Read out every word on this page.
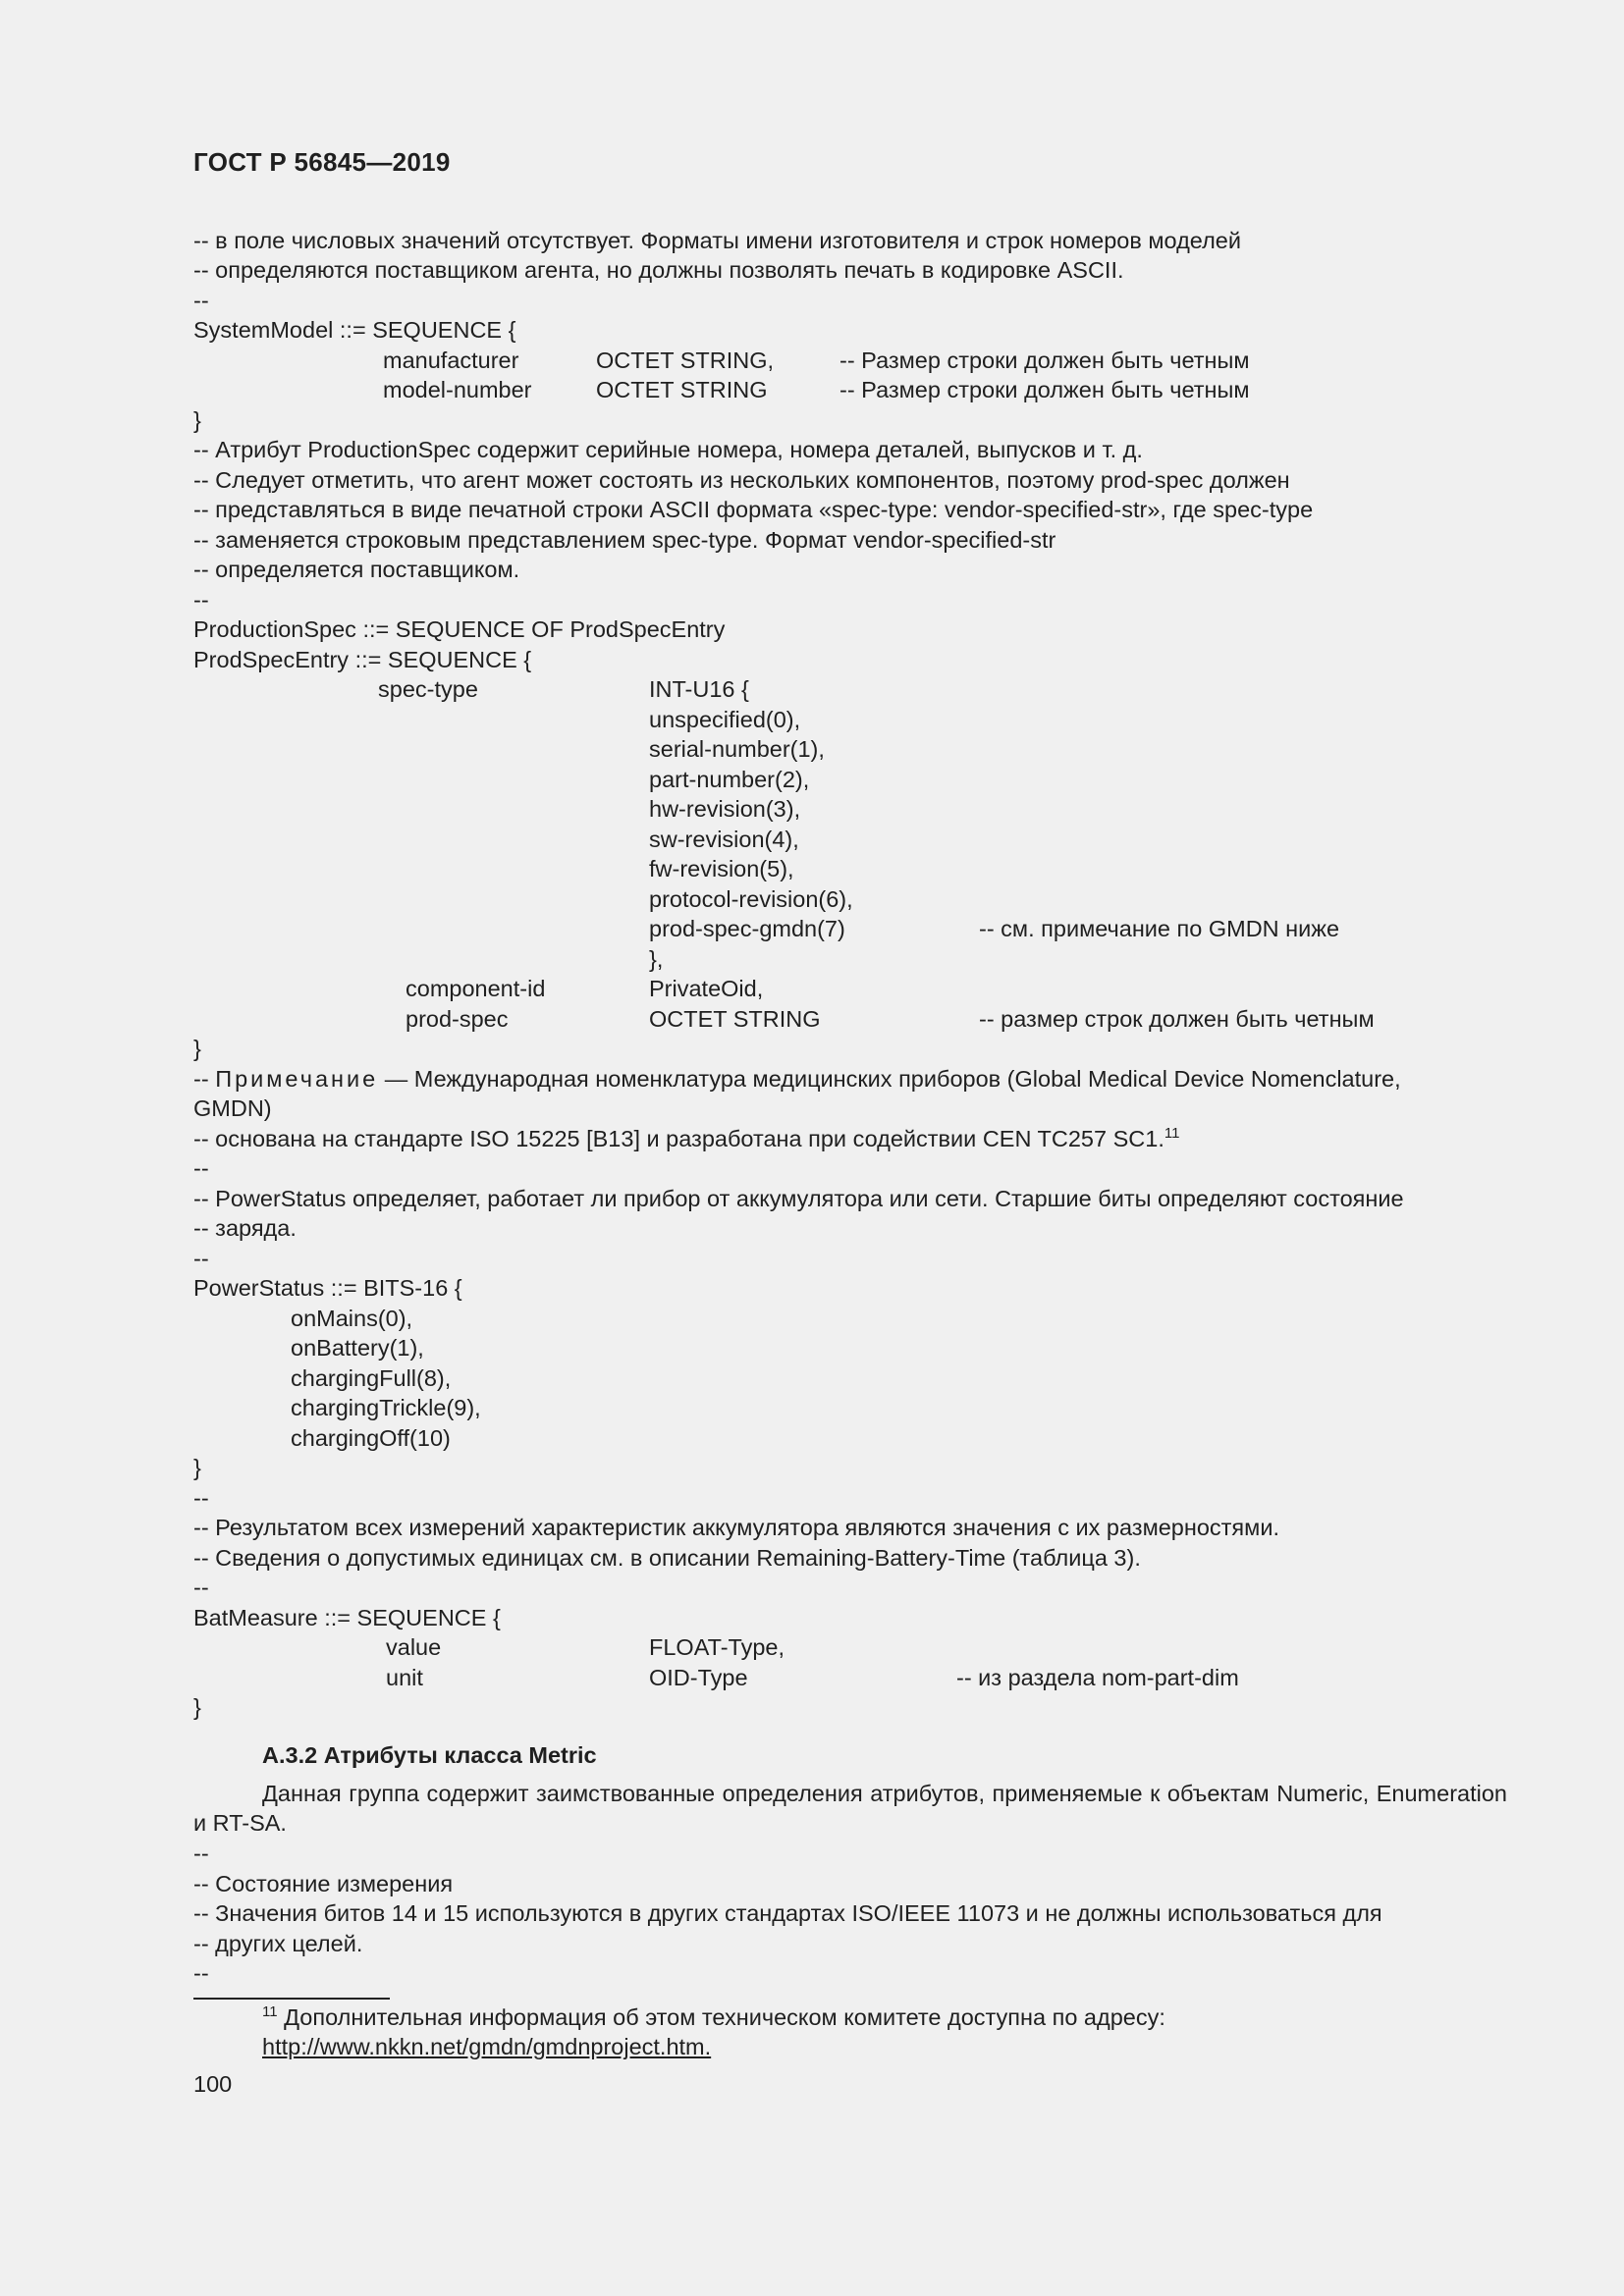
ГОСТ Р 56845—2019
-- в поле числовых значений отсутствует. Форматы имени изготовителя и строк номеров моделей
-- определяются поставщиком агента, но должны позволять печать в кодировке ASCII.
--
SystemModel ::= SEQUENCE {
manufacturer	OCTET STRING,	-- Размер строки должен быть четным
model-number	OCTET STRING	-- Размер строки должен быть четным
}
-- Атрибут ProductionSpec содержит серийные номера, номера деталей, выпусков и т. д.
-- Следует отметить, что агент может состоять из нескольких компонентов, поэтому prod-spec должен
-- представляться в виде печатной строки ASCII формата «spec-type: vendor-specified-str», где spec-type
-- заменяется строковым представлением spec-type. Формат vendor-specified-str
-- определяется поставщиком.
--
ProductionSpec ::= SEQUENCE OF ProdSpecEntry
ProdSpecEntry ::= SEQUENCE {
spec-type	INT-U16 {
unspecified(0),
serial-number(1),
part-number(2),
hw-revision(3),
sw-revision(4),
fw-revision(5),
protocol-revision(6),
prod-spec-gmdn(7)	-- см. примечание по GMDN ниже
},
component-id	PrivateOid,
prod-spec	OCTET STRING	-- размер строк должен быть четным
}
-- Примечание — Международная номенклатура медицинских приборов (Global Medical Device Nomenclature,
GMDN)
-- основана на стандарте ISO 15225 [B13] и разработана при содействии CEN TC257 SC1.11
--
-- PowerStatus определяет, работает ли прибор от аккумулятора или сети. Старшие биты определяют состояние
-- заряда.
--
PowerStatus ::= BITS-16 {
onMains(0),
onBattery(1),
chargingFull(8),
chargingTrickle(9),
chargingOff(10)
}
--
-- Результатом всех измерений характеристик аккумулятора являются значения с их размерностями.
-- Сведения о допустимых единицах см. в описании Remaining-Battery-Time (таблица 3).
--
BatMeasure ::= SEQUENCE {
value	FLOAT-Type,
unit	OID-Type	-- из раздела nom-part-dim
}
А.3.2 Атрибуты класса Metric
Данная группа содержит заимствованные определения атрибутов, применяемые к объектам Numeric, Enumeration и RT-SA.
--
-- Состояние измерения
-- Значения битов 14 и 15 используются в других стандартах ISO/IEEE 11073 и не должны использоваться для
-- других целей.
--
$^{11}$ Дополнительная информация об этом техническом комитете доступна по адресу:
http://www.nkkn.net/gmdn/gmdnproject.htm.
100
